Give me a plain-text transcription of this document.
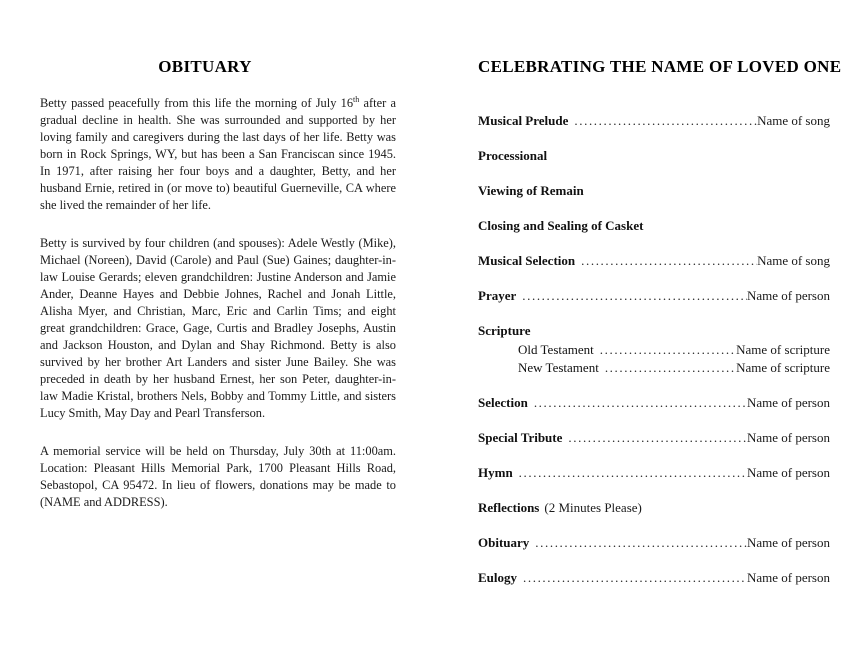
OBITUARY

Betty passed peacefully from this life the morning of July 16th after a gradual decline in health. She was surrounded and supported by her loving family and caregivers during the last days of her life. Betty was born in Rock Springs, WY, but has been a San Franciscan since 1945. In 1971, after raising her four boys and a daughter, Betty, and her husband Ernie, retired in (or move to) beautiful Guerneville, CA where she lived the remainder of her life.

Betty is survived by four children (and spouses): Adele Westly (Mike), Michael (Noreen), David (Carole) and Paul (Sue) Gaines; daughter-in-law Louise Gerards; eleven grandchildren: Justine Anderson and Jamie Ander, Deanne Hayes and Debbie Johnes, Rachel and Jonah Little, Alisha Myer, and Christian, Marc, Eric and Carlin Tims; and eight great grandchildren: Grace, Gage, Curtis and Bradley Josephs, Austin and Jackson Houston, and Dylan and Shay Richmond. Betty is also survived by her brother Art Landers and sister June Bailey. She was preceded in death by her husband Ernest, her son Peter, daughter-in-law Madie Kristal, brothers Nels, Bobby and Tommy Little, and sisters Lucy Smith, May Day and Pearl Transferson.

A memorial service will be held on Thursday, July 30th at 11:00am. Location: Pleasant Hills Memorial Park, 1700 Pleasant Hills Road, Sebastopol, CA 95472. In lieu of flowers, donations may be made to (NAME and ADDRESS).

CELEBRATING THE NAME OF LOVED ONE
Musical Prelude .....	Name of song
Processional
Viewing of Remain
Closing and Sealing of Casket
Musical Selection .....	Name of song
Prayer .....	Name of person
Scripture
Old Testament .....	Name of scripture
New Testament .....	Name of scripture
Selection .....	Name of person
Special Tribute .....	Name of person
Hymn .....	Name of person
Reflections (2 Minutes Please)
Obituary .....	Name of person
Eulogy .....	Name of person
